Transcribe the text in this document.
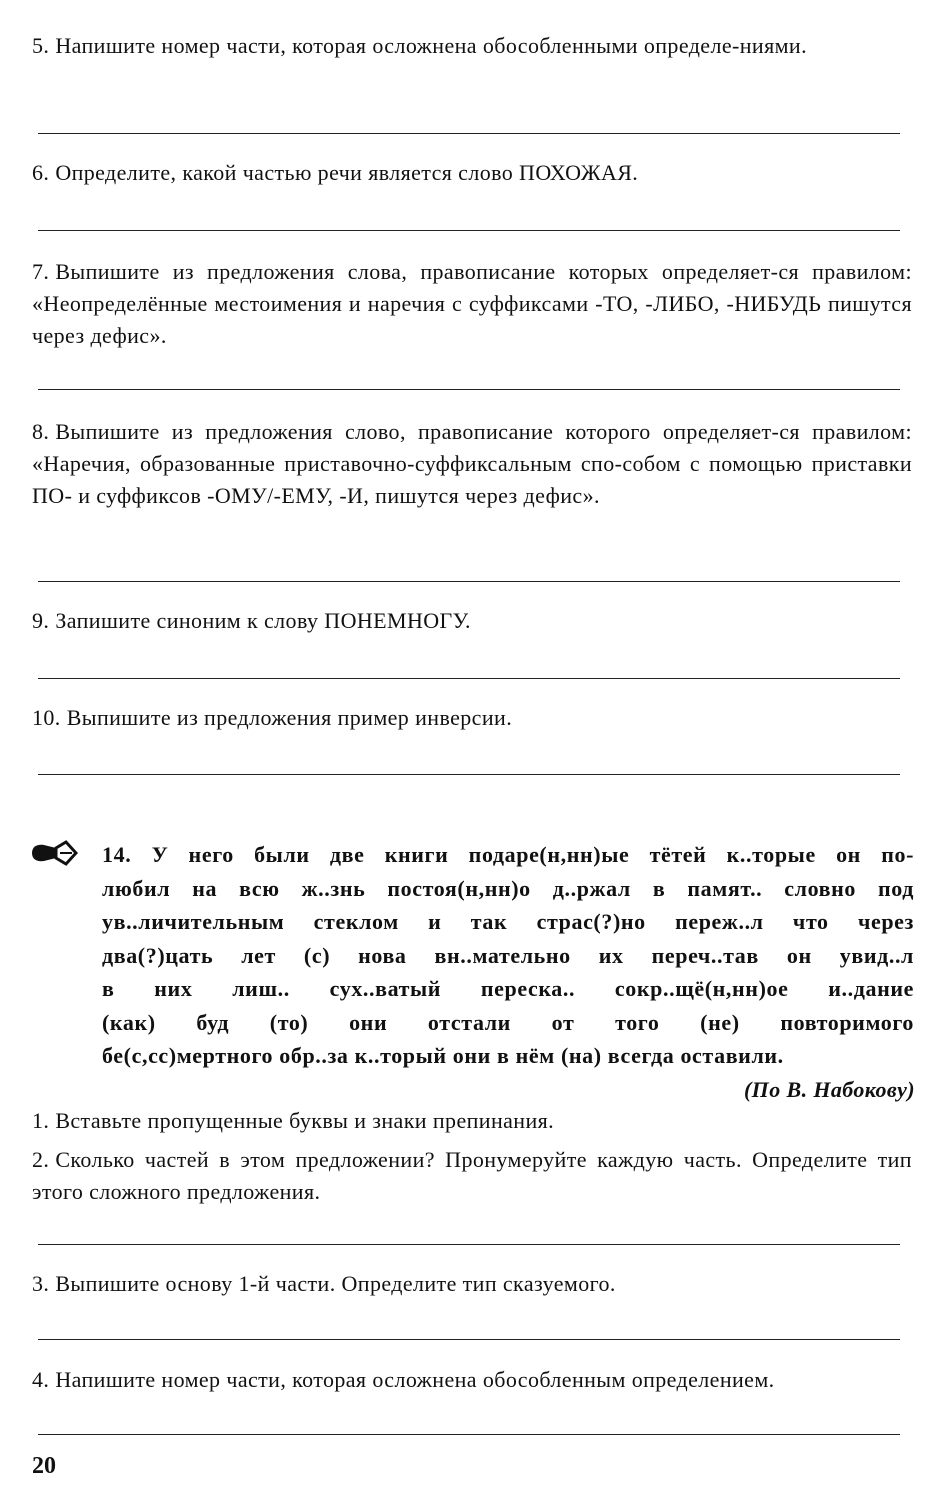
5. Напишите номер части, которая осложнена обособленными определе-ниями.
6. Определите, какой частью речи является слово ПОХОЖАЯ.
7. Выпишите из предложения слова, правописание которых определяет-ся правилом: «Неопределённые местоимения и наречия с суффиксами -ТО, -ЛИБО, -НИБУДЬ пишутся через дефис».
8. Выпишите из предложения слово, правописание которого определяет-ся правилом: «Наречия, образованные приставочно-суффиксальным спо-собом с помощью приставки ПО- и суффиксов -ОМУ/-ЕМУ, -И, пишутся через дефис».
9. Запишите синоним к слову ПОНЕМНОГУ.
10. Выпишите из предложения пример инверсии.
14. У него были две книги подаре(н,нн)ые тётей к..торые он по-
любил на всю ж..знь постоя(н,нн)о д..ржал в памят.. словно под
ув..личительным стеклом и так страс(?)но переж..л что через
два(?)цать лет (с) нова вн..мательно их переч..тав он увид..л
в них лиш.. сух..ватый переска.. сокр..щё(н,нн)ое и..дание
(как) буд (то) они отстали от того (не) повторимого
бе(с,сс)мертного обр..за к..торый они в нём (на) всегда оставили.
(По В. Набокову)
1. Вставьте пропущенные буквы и знаки препинания.
2. Сколько частей в этом предложении? Пронумеруйте каждую часть. Определите тип этого сложного предложения.
3. Выпишите основу 1-й части. Определите тип сказуемого.
4. Напишите номер части, которая осложнена обособленным определением.
20
